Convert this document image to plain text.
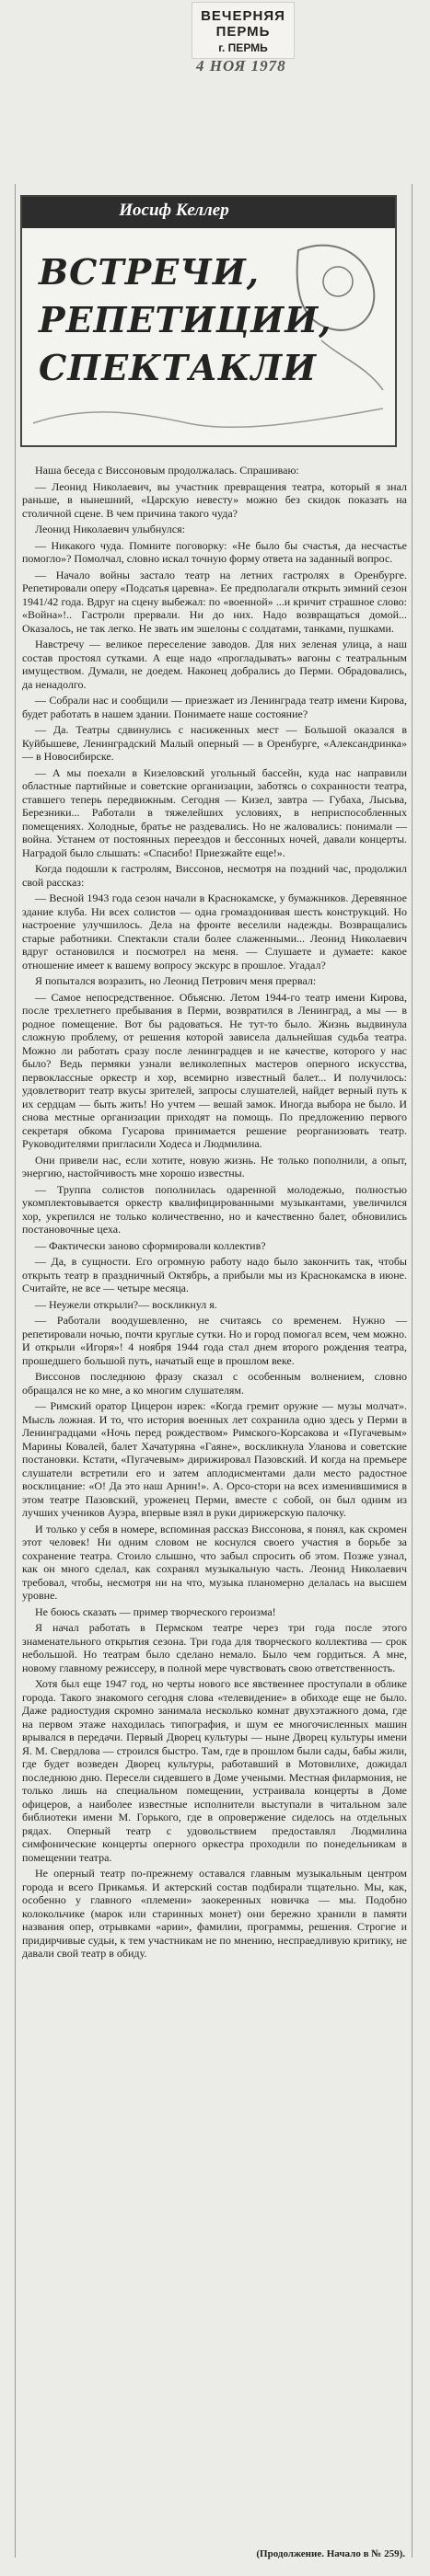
ВЕЧЕРНЯЯ ПЕРМЬ
г. ПЕРМЬ
4 НОЯ 1978
Иосиф Келлер
ВСТРЕЧИ,
РЕПЕТИЦИИ,
СПЕКТАКЛИ

Наша беседа с Виссоновым продолжалась. Спрашиваю:

— Леонид Николаевич, вы участник превращения театра, который я знал раньше, в нынешний, «Царскую невесту» можно без скидок показать на столичной сцене. В чем причина такого чуда?

Леонид Николаевич улыбнулся:

— Никакого чуда. Помните поговорку: «Не было бы счастья, да несчастье помогло»? Помолчал, словно искал точную форму ответа на заданный вопрос.

— Начало войны застало театр на летних гастролях в Оренбурге. Репетировали оперу «Подсатья царевна». Ее предполагали открыть зимний сезон 1941/42 года. Вдруг на сцену выбежал: по «военной» ...и кричит страшное слово: «Война»!.. Гастроли прервали. Ни до них. Надо возвращаться домой... Оказалось, не так легко. Не звать им эшелоны с солдатами, танками, пушками.

Навстречу — великое переселение заводов. Для них зеленая улица, а наш состав простоял сутками. А еще надо «прогладывать» вагоны с театральным имуществом. Думали, не доедем. Наконец добрались до Перми. Обрадовались, да ненадолго.

— Собрали нас и сообщили — приезжает из Ленинграда театр имени Кирова, будет работать в нашем здании. Понимаете наше состояние?

— Да. Театры сдвинулись с насиженных мест — Большой оказался в Куйбышеве, Ленинградский Малый оперный — в Оренбурге, «Александринка» — в Новосибирске.

— А мы поехали в Кизеловский угольный бассейн, куда нас направили областные партийные и советские организации, заботясь о сохранности театра, ставшего теперь передвижным. Сегодня — Кизел, завтра — Губаха, Лысьва, Березники... Работали в тяжелейших условиях, в неприспособленных помещениях. Холодные, братье не раздевались. Но не жаловались: понимали — война. Устанем от постоянных переездов и бессонных ночей, давали концерты. Наградой было слышать: «Спасибо! Приезжайте еще!».

Когда подошли к гастролям, Виссонов, несмотря на поздний час, продолжил свой рассказ:

— Весной 1943 года сезон начали в Краснокамске, у бумажников. Деревянное здание клуба. Ни всех солистов — одна громаздонивая шесть конструкций. Но настроение улучшилось. Дела на фронте веселили надежды. Возвращались старые работники. Спектакли стали более слаженными... Леонид Николаевич вдруг остановился и посмотрел на меня. — Слушаете и думаете: какое отношение имеет к вашему вопросу экскурс в прошлое. Угадал?

Я попытался возразить, но Леонид Петрович меня прервал:

— Самое непосредственное. Объясню. Летом 1944-го театр имени Кирова, после трехлетнего пребывания в Перми, возвратился в Ленинград, а мы — в родное помещение. Вот бы радоваться. Не тут-то было. Жизнь выдвинула сложную проблему, от решения которой зависела дальнейшая судьба театра. Можно ли работать сразу после ленинградцев и не качестве, которого у нас было? Ведь пермяки узнали великолепных мастеров оперного искусства, первоклассные оркестр и хор, всемирно известный балет... И получилось: удовлетворит театр вкусы зрителей, запросы слушателей, найдет верный путь к их сердцам — быть жить! Но учтем — вешай замок. Иногда выбора не было. И снова местные организации приходят на помощь. По предложению первого секретаря обкома Гусарова принимается решение реорганизовать театр. Руководителями пригласили Ходеса и Людмилина.

Они привели нас, если хотите, новую жизнь. Не только пополнили, а опыт, энергию, настойчивость мне хорошо известны.

— Труппа солистов пополнилась одаренной молодежью, полностью укомплектовывается оркестр квалифицированными музыкантами, увеличился хор, укрепился не только количественно, но и качественно балет, обновились постановочные цеха.

— Фактически заново сформировали коллектив?

— Да, в сущности. Его огромную работу надо было закончить так, чтобы открыть театр в праздничный Октябрь, а прибыли мы из Краснокамска в июне. Считайте, не все — четыре месяца.

— Неужели открыли?— воскликнул я.

— Работали воодушевленно, не считаясь со временем. Нужно — репетировали ночью, почти круглые сутки. Но и город помогал всем, чем можно. И открыли «Игоря»! 4 ноября 1944 года стал днем второго рождения театра, прошедшего большой путь, начатый еще в прошлом веке.

Виссонов последнюю фразу сказал с особенным волнением, словно обращался не ко мне, а ко многим слушателям.

— Римский оратор Цицерон изрек: «Когда гремит оружие — музы молчат». Мысль ложная. И то, что история военных лет сохранила одно здесь у Перми в Ленинградцами «Ночь перед рождеством» Римского-Корсакова и «Пугачевым» Марины Ковалей, балет Хачатуряна «Гаяне», воскликнула Уланова и советские постановки. Кстати, «Пугачевым» дирижировал Пазовский. И когда на премьере слушатели встретили его и затем аплодисментами дали место радостное восклицание: «О! Да это наш Арнин!». А. Орсо-стори на всех изменившимися в этом театре Пазовский, уроженец Перми, вместе с собой, он был одним из лучших учеников Ауэра, впервые взял в руки дирижерскую палочку.

И только у себя в номере, вспоминая рассказ Виссонова, я понял, как скромен этот человек! Ни одним словом не коснулся своего участия в борьбе за сохранение театра. Стоило слышно, что забыл спросить об этом. Позже узнал, как он много сделал, как сохранял музыкальную часть. Леонид Николаевич требовал, чтобы, несмотря ни на что, музыка планомерно делалась на высшем уровне.

Не боюсь сказать — пример творческого героизма!

Я начал работать в Пермском театре через три года после этого знаменательного открытия сезона. Три года для творческого коллектива — срок небольшой. Но театрам было сделано немало. Было чем гордиться. А мне, новому главному режиссеру, в полной мере чувствовать свою ответственность.

Хотя был еще 1947 год, но черты нового все явственнее проступали в облике города. Такого знакомого сегодня слова «телевидение» в обиходе еще не было. Даже радиостудия скромно занимала несколько комнат двухэтажного дома, где на первом этаже находилась типография, и шум ее многочисленных машин врывался в передачи. Первый Дворец культуры — ныне Дворец культуры имени Я. М. Свердлова — строился быстро. Там, где в прошлом были сады, бабы жили, где будет возведен Дворец культуры, работавший в Мотовилихе, дожидал последнюю дню. Пересели сидевшего в Доме учеными. Местная филармония, не только лишь на специальном помещении, устраивала концерты в Доме офицеров, а наиболее известные исполнители выступали в читальном зале библиотеки имени М. Горького, где в опровержение сиделось на отдельных рядах. Оперный театр с удовольствием предоставлял Людмилина симфонические концерты оперного оркестра проходили по понедельникам в помещении театра.

Не оперный театр по-прежнему оставался главным музыкальным центром города и всего Прикамья. И актерский состав подбирали тщательно. Мы, как, особенно у главного «племени» заокеренных новичка — мы. Подобно колокольчике (марок или старинных монет) они бережно хранили в памяти названия опер, отрывками «арии», фамилии, программы, решения. Строгие и придирчивые судьи, к тем участникам не по мнению, неспраедливую критику, не давали свой театр в обиду.

(Продолжение. Начало в № 259).
